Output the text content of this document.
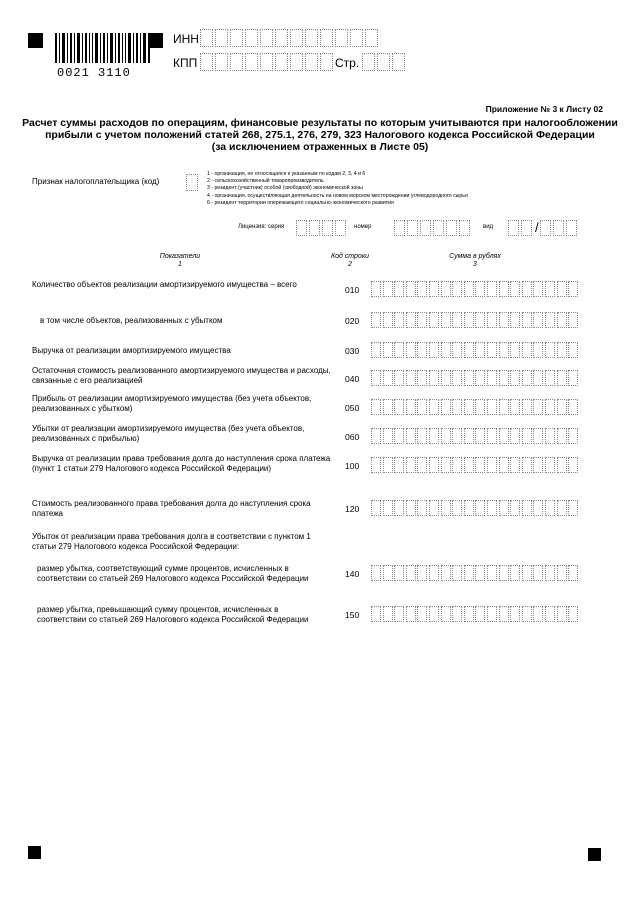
0021 3110
ИНН
КПП	Стр.
Приложение № 3 к Листу 02
Расчет суммы расходов по операциям, финансовые результаты по которым учитываются при налогообложении
прибыли с учетом положений статей 268, 275.1, 276, 279, 323 Налогового кодекса Российской Федерации
(за исключением отраженных в Листе 05)
Признак налогоплательщика (код)
1 - организация, не относящаяся к указанным по кодам 2, 3, 4 и 6
2 - сельскохозяйственный товаропроизводитель
3 - резидент (участник) особой (свободной) экономической зоны
4 - организация, осуществляющая деятельность на новом морском месторождении углеводородного сырья
6 - резидент территории опережающего социально-экономического развития
Лицензия: серия	номер	вид	/
Показатели
1
Код строки
2
Сумма в рублях
3
Количество объектов реализации амортизируемого имущества – всего
010
в том числе объектов, реализованных с убытком	020
Выручка от реализации амортизируемого имущества	030
Остаточная стоимость реализованного амортизируемого имущества и расходы, связанные с его реализацией	040
Прибыль от реализации амортизируемого имущества (без учета объектов, реализованных с убытком)	050
Убытки от реализации амортизируемого имущества (без учета объектов, реализованных с прибылью)	060
Выручка от реализации права требования долга до наступления срока платежа (пункт 1 статьи 279 Налогового кодекса Российской Федерации)	100
Стоимость реализованного права требования долга до наступления срока платежа	120
Убыток от реализации права требования долга в соответствии с пунктом 1 статьи 279 Налогового кодекса Российской Федерации:
размер убытка, соответствующий сумме процентов, исчисленных в соответствии со статьей 269 Налогового кодекса Российской Федерации	140
размер убытка, превышающий сумму процентов, исчисленных в соответствии со статьей 269 Налогового кодекса Российской Федерации	150
